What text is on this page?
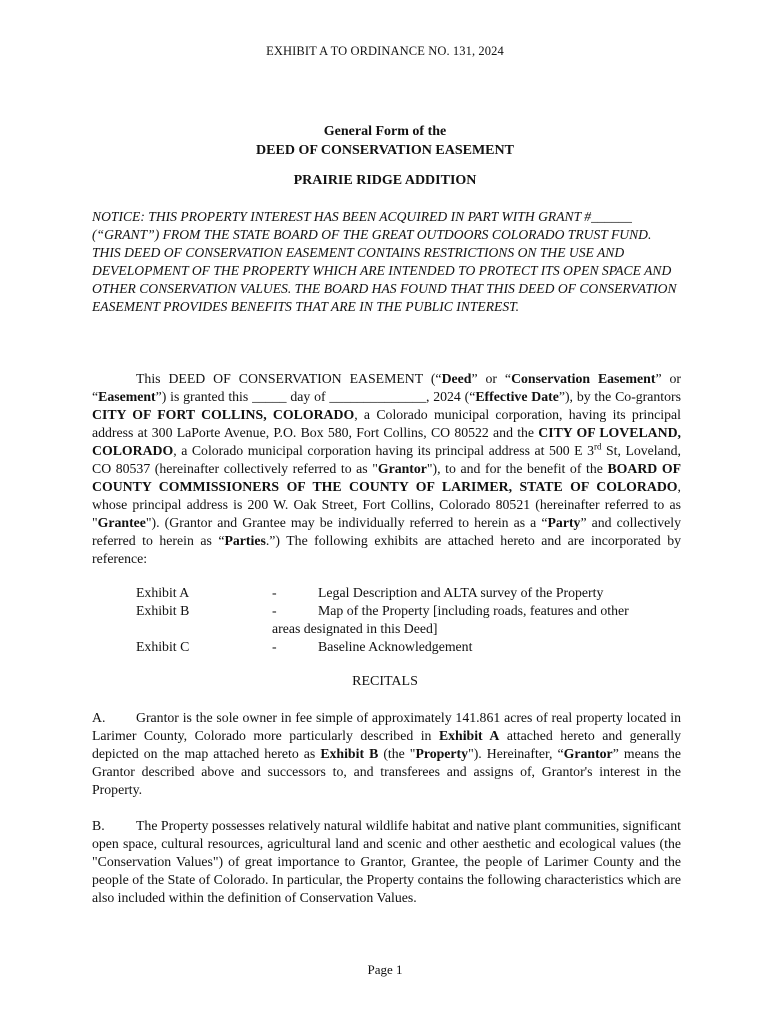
EXHIBIT A TO ORDINANCE NO. 131, 2024
General Form of the
DEED OF CONSERVATION EASEMENT
PRAIRIE RIDGE ADDITION
NOTICE: THIS PROPERTY INTEREST HAS BEEN ACQUIRED IN PART WITH GRANT #______ (“GRANT”) FROM THE STATE BOARD OF THE GREAT OUTDOORS COLORADO TRUST FUND. THIS DEED OF CONSERVATION EASEMENT CONTAINS RESTRICTIONS ON THE USE AND DEVELOPMENT OF THE PROPERTY WHICH ARE INTENDED TO PROTECT ITS OPEN SPACE AND OTHER CONSERVATION VALUES. THE BOARD HAS FOUND THAT THIS DEED OF CONSERVATION EASEMENT PROVIDES BENEFITS THAT ARE IN THE PUBLIC INTEREST.

This DEED OF CONSERVATION EASEMENT (“Deed” or “Conservation Easement” or “Easement”) is granted this _____ day of ______________, 2024 (“Effective Date”), by the Co-grantors CITY OF FORT COLLINS, COLORADO, a Colorado municipal corporation, having its principal address at 300 LaPorte Avenue, P.O. Box 580, Fort Collins, CO 80522 and the CITY OF LOVELAND, COLORADO, a Colorado municipal corporation having its principal address at 500 E 3rd St, Loveland, CO 80537 (hereinafter collectively referred to as "Grantor"), to and for the benefit of the BOARD OF COUNTY COMMISSIONERS OF THE COUNTY OF LARIMER, STATE OF COLORADO, whose principal address is 200 W. Oak Street, Fort Collins, Colorado 80521 (hereinafter referred to as "Grantee"). (Grantor and Grantee may be individually referred to herein as a “Party” and collectively referred to herein as “Parties.”) The following exhibits are attached hereto and are incorporated by reference:

Exhibit A	-	Legal Description and ALTA survey of the Property
Exhibit B	-	Map of the Property [including roads, features and other
areas designated in this Deed]
Exhibit C	-	Baseline Acknowledgement
RECITALS

A. Grantor is the sole owner in fee simple of approximately 141.861 acres of real property located in Larimer County, Colorado more particularly described in Exhibit A attached hereto and generally depicted on the map attached hereto as Exhibit B (the "Property"). Hereinafter, “Grantor” means the Grantor described above and successors to, and transferees and assigns of, Grantor's interest in the Property.

B. The Property possesses relatively natural wildlife habitat and native plant communities, significant open space, cultural resources, agricultural land and scenic and other aesthetic and ecological values (the "Conservation Values") of great importance to Grantor, Grantee, the people of Larimer County and the people of the State of Colorado. In particular, the Property contains the following characteristics which are also included within the definition of Conservation Values.

Page 1
